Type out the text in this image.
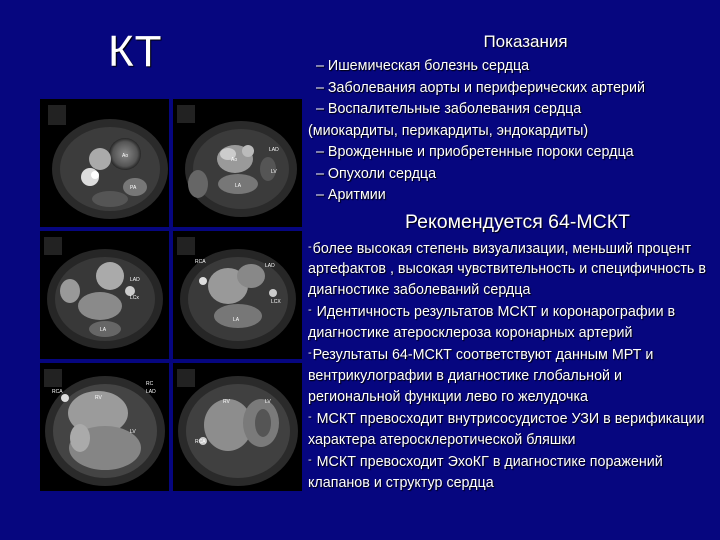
КТ
Ao
PA
Ao
LAD
LV
LA
LAD
LCx
LA
RCA
LAD
LCX
LA
RCA
RC
LAD
RV
LV
RV	LV
RCA
Показания
– Ишемическая болезнь сердца
– Заболевания аорты и периферических артерий
– Воспалительные заболевания сердца
(миокардиты, перикардиты, эндокардиты)
– Врожденные и приобретенные пороки сердца
– Опухоли сердца
– Аритмии
Рекомендуется 64-МСКТ
-более высокая степень визуализации, меньший процент артефактов , высокая чувствительность и специфичность в диагностике заболеваний сердца
- Идентичность результатов МСКТ и коронарографии в диагностике атеросклероза коронарных артерий
-Результаты 64-МСКТ соответствуют данным МРТ и вентрикулографии в диагностике глобальной и региональной функции лево го желудочка
- МСКТ превосходит внутрисосудистое УЗИ в верификации характера атеросклеротической бляшки
- МСКТ превосходит ЭхоКГ в диагностике поражений клапанов и структур сердца
